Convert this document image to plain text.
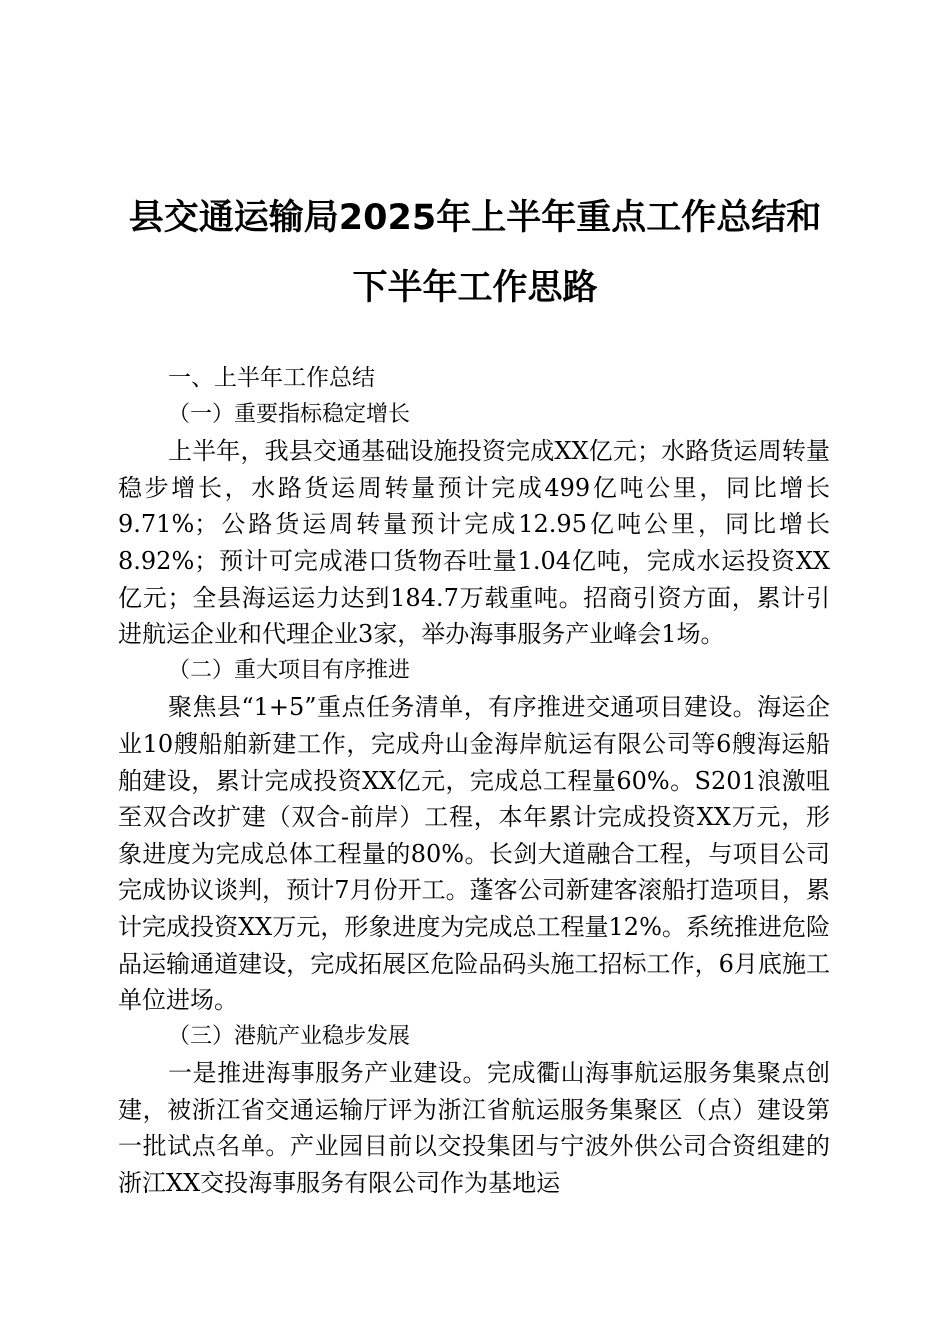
县交通运输局2025年上半年重点工作总结和
下半年工作思路

一、上半年工作总结

（一）重要指标稳定增长

上半年，我县交通基础设施投资完成XX亿元；水路货运周转量稳步增长，水路货运周转量预计完成499亿吨公里，同比增长9.71%；公路货运周转量预计完成12.95亿吨公里，同比增长8.92%；预计可完成港口货物吞吐量1.04亿吨，完成水运投资XX亿元；全县海运运力达到184.7万载重吨。招商引资方面，累计引进航运企业和代理企业3家，举办海事服务产业峰会1场。

（二）重大项目有序推进

聚焦县“1+5”重点任务清单，有序推进交通项目建设。海运企业10艘船舶新建工作，完成舟山金海岸航运有限公司等6艘海运船舶建设，累计完成投资XX亿元，完成总工程量60%。S201浪激咀至双合改扩建（双合-前岸）工程，本年累计完成投资XX万元，形象进度为完成总体工程量的80%。长剑大道融合工程，与项目公司完成协议谈判，预计7月份开工。蓬客公司新建客滚船打造项目，累计完成投资XX万元，形象进度为完成总工程量12%。系统推进危险品运输通道建设，完成拓展区危险品码头施工招标工作，6月底施工单位进场。

（三）港航产业稳步发展

一是推进海事服务产业建设。完成衢山海事航运服务集聚点创建，被浙江省交通运输厅评为浙江省航运服务集聚区（点）建设第一批试点名单。产业园目前以交投集团与宁波外供公司合资组建的浙江XX交投海事服务有限公司作为基地运
